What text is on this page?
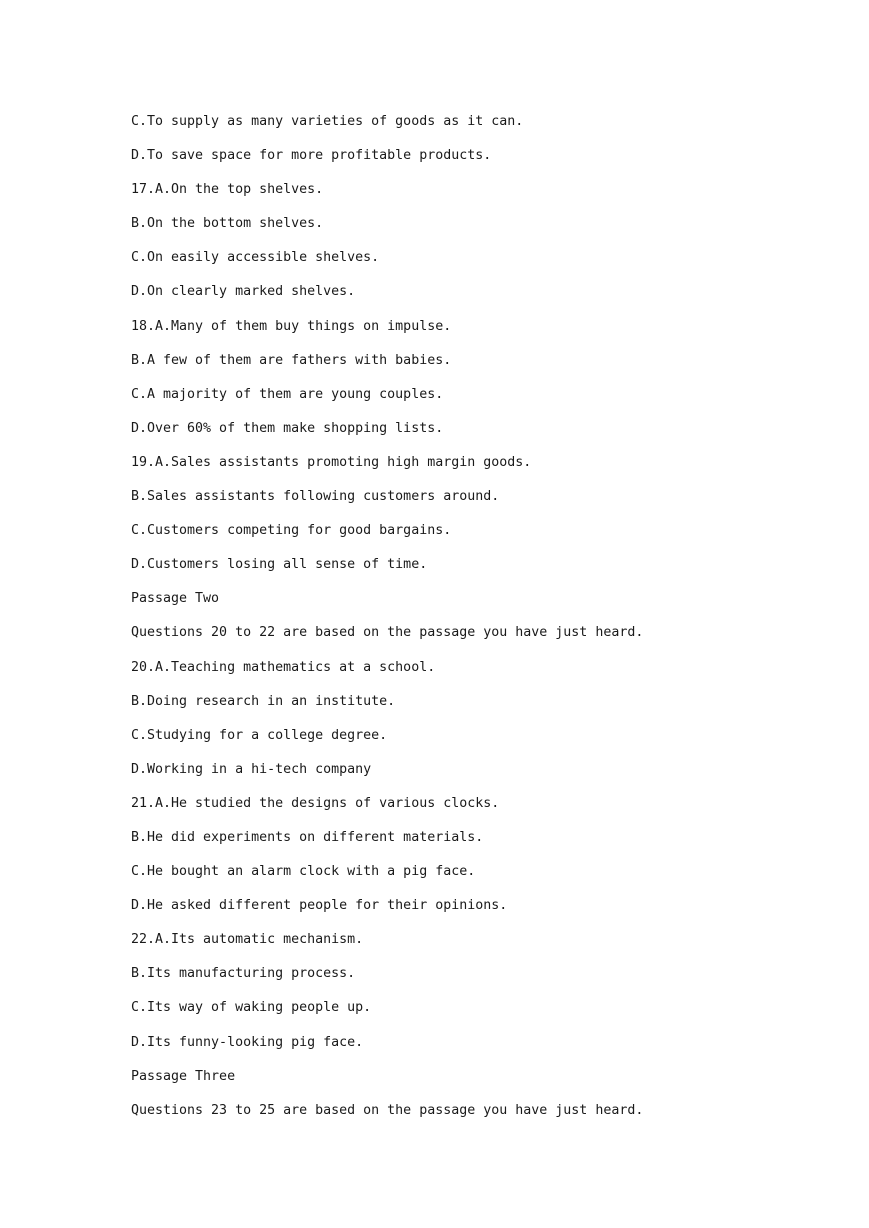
C.To supply as many varieties of goods as it can.
D.To save space for more profitable products.
17.A.On the top shelves.
B.On the bottom shelves.
C.On easily accessible shelves.
D.On clearly marked shelves.
18.A.Many of them buy things on impulse.
B.A few of them are fathers with babies.
C.A majority of them are young couples.
D.Over 60% of them make shopping lists.
19.A.Sales assistants promoting high margin goods.
B.Sales assistants following customers around.
C.Customers competing for good bargains.
D.Customers losing all sense of time.
Passage Two
Questions 20 to 22 are based on the passage you have just heard.
20.A.Teaching mathematics at a school.
B.Doing research in an institute.
C.Studying for a college degree.
D.Working in a hi-tech company
21.A.He studied the designs of various clocks.
B.He did experiments on different materials.
C.He bought an alarm clock with a pig face.
D.He asked different people for their opinions.
22.A.Its automatic mechanism.
B.Its manufacturing process.
C.Its way of waking people up.
D.Its funny-looking pig face.
Passage Three
Questions 23 to 25 are based on the passage you have just heard.
